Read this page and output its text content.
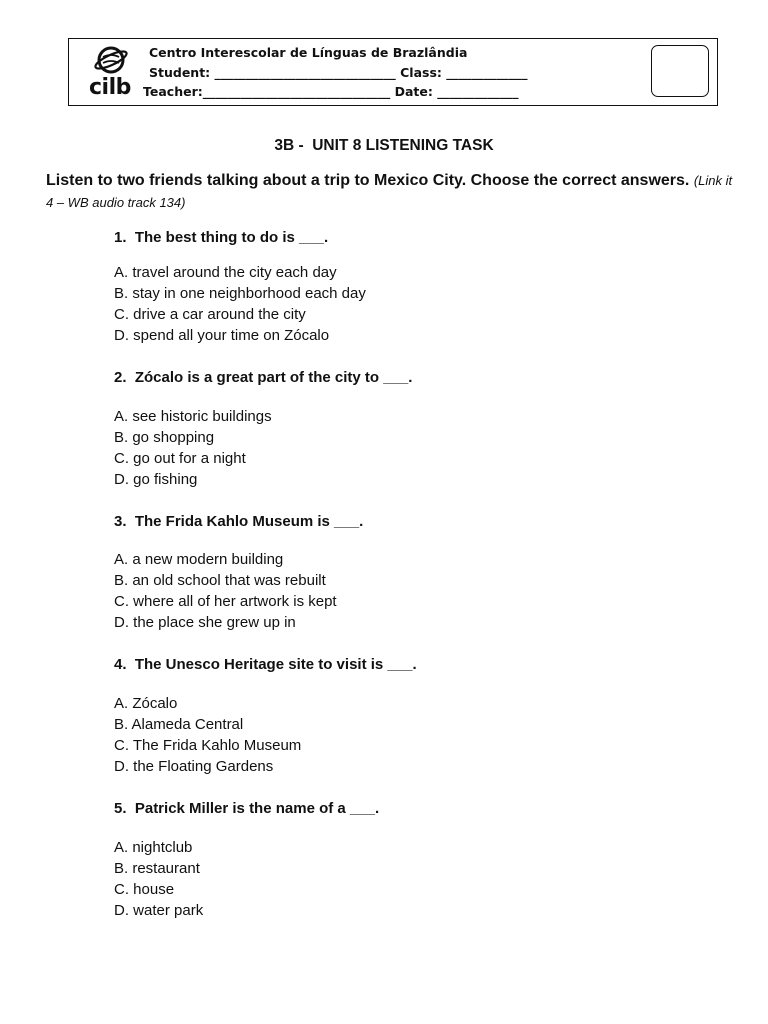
cilb
Centro Interescolar de Línguas de Brazlândia
Student: _____________________________ Class: _____________
Teacher:______________________________ Date: _____________
3B -  UNIT 8 LISTENING TASK
Listen to two friends talking about a trip to Mexico City. Choose the correct answers. (Link it 4 – WB audio track 134)
1.  The best thing to do is ___.
A. travel around the city each day
B. stay in one neighborhood each day
C. drive a car around the city
D. spend all your time on Zócalo
2.  Zócalo is a great part of the city to ___.
A. see historic buildings
B. go shopping
C. go out for a night
D. go fishing
3.  The Frida Kahlo Museum is ___.
A. a new modern building
B. an old school that was rebuilt
C. where all of her artwork is kept
D. the place she grew up in
4.  The Unesco Heritage site to visit is ___.
A. Zócalo
B. Alameda Central
C. The Frida Kahlo Museum
D. the Floating Gardens
5.  Patrick Miller is the name of a ___.
A. nightclub
B. restaurant
C. house
D. water park
